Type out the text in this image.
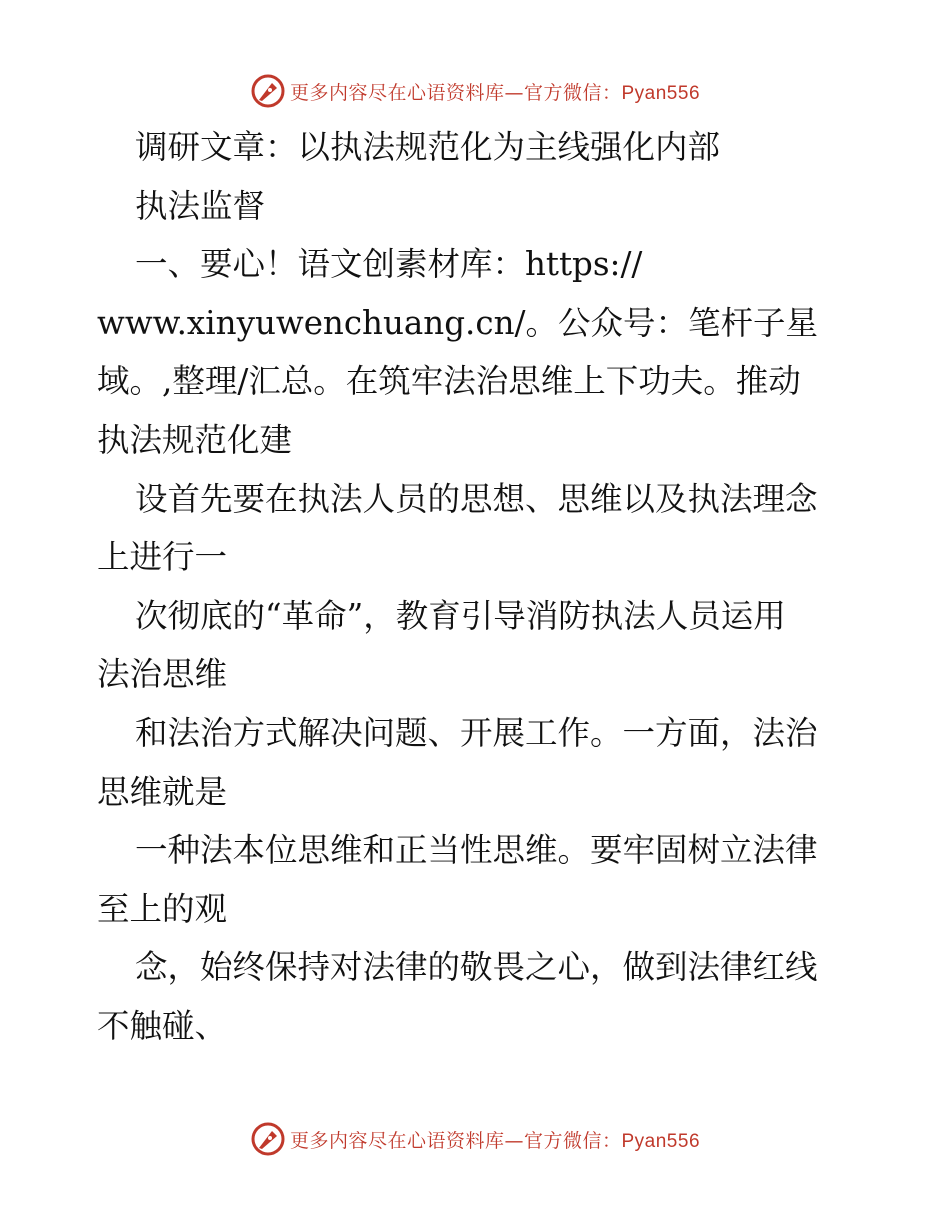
更多内容尽在心语资料库—官方微信：Pyan556
调研文章：以执法规范化为主线强化内部
执法监督
一、要心！语文创素材库：https://
www.xinyuwenchuang.cn/。公众号：笔杆子星
域。,整理/汇总。在筑牢法治思维上下功夫。推动
执法规范化建
设首先要在执法人员的思想、思维以及执法理念
上进行一
次彻底的“革命”，教育引导消防执法人员运用
法治思维
和法治方式解决问题、开展工作。一方面，法治
思维就是
一种法本位思维和正当性思维。要牢固树立法律
至上的观
念，始终保持对法律的敬畏之心，做到法律红线
不触碰、
更多内容尽在心语资料库—官方微信：Pyan556
